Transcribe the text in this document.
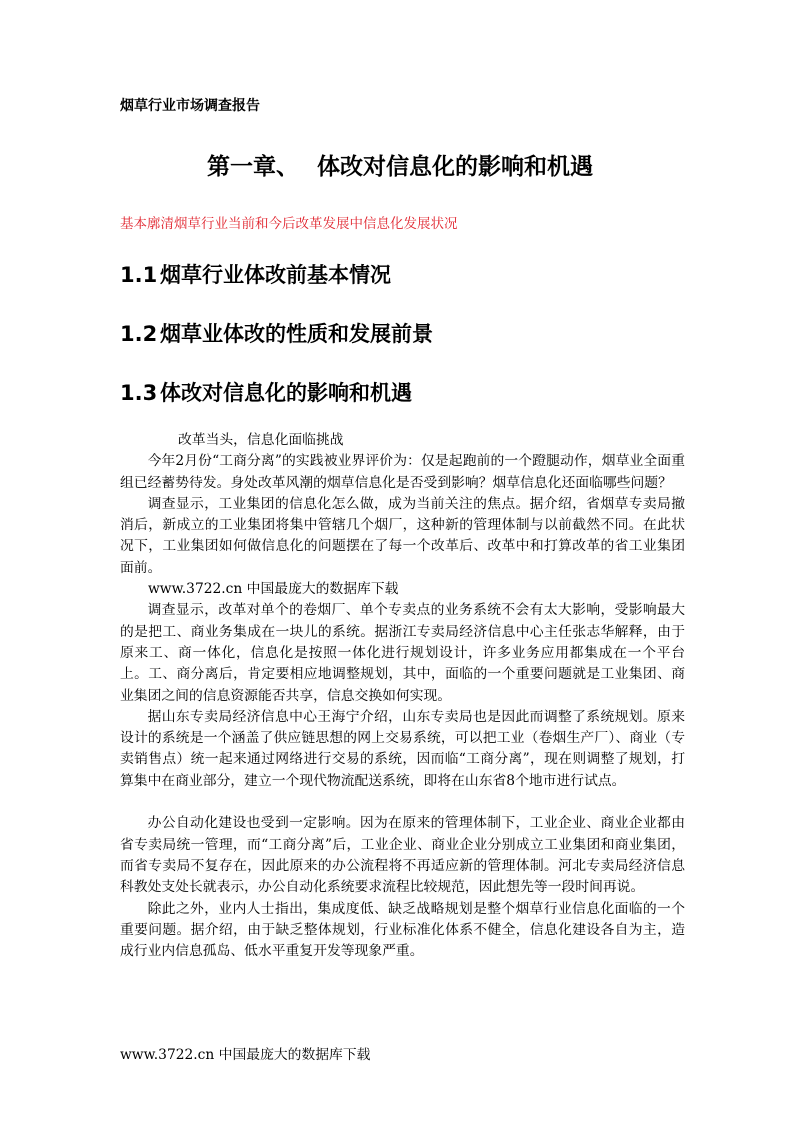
烟草行业市场调查报告
第一章、 体改对信息化的影响和机遇
基本廓清烟草行业当前和今后改革发展中信息化发展状况
1.1 烟草行业体改前基本情况
1.2 烟草业体改的性质和发展前景
1.3 体改对信息化的影响和机遇

改革当头，信息化面临挑战

今年2月份“工商分离”的实践被业界评价为：仅是起跑前的一个蹬腿动作，烟草业全面重组已经蓄势待发。身处改革风潮的烟草信息化是否受到影响？烟草信息化还面临哪些问题？

调查显示，工业集团的信息化怎么做，成为当前关注的焦点。据介绍，省烟草专卖局撤消后，新成立的工业集团将集中管辖几个烟厂，这种新的管理体制与以前截然不同。在此状况下，工业集团如何做信息化的问题摆在了每一个改革后、改革中和打算改革的省工业集团面前。

www.3722.cn 中国最庞大的数据库下载

调查显示，改革对单个的卷烟厂、单个专卖点的业务系统不会有太大影响，受影响最大的是把工、商业务集成在一块儿的系统。据浙江专卖局经济信息中心主任张志华解释，由于原来工、商一体化，信息化是按照一体化进行规划设计，许多业务应用都集成在一个平台上。工、商分离后，肯定要相应地调整规划，其中，面临的一个重要问题就是工业集团、商业集团之间的信息资源能否共享，信息交换如何实现。

据山东专卖局经济信息中心王海宁介绍，山东专卖局也是因此而调整了系统规划。原来设计的系统是一个涵盖了供应链思想的网上交易系统，可以把工业（卷烟生产厂）、商业（专卖销售点）统一起来通过网络进行交易的系统，因而临“工商分离”，现在则调整了规划，打算集中在商业部分，建立一个现代物流配送系统，即将在山东省8个地市进行试点。

办公自动化建设也受到一定影响。因为在原来的管理体制下，工业企业、商业企业都由省专卖局统一管理，而“工商分离”后，工业企业、商业企业分别成立工业集团和商业集团，而省专卖局不复存在，因此原来的办公流程将不再适应新的管理体制。河北专卖局经济信息科教处支处长就表示，办公自动化系统要求流程比较规范，因此想先等一段时间再说。

除此之外，业内人士指出，集成度低、缺乏战略规划是整个烟草行业信息化面临的一个重要问题。据介绍，由于缺乏整体规划，行业标准化体系不健全，信息化建设各自为主，造成行业内信息孤岛、低水平重复开发等现象严重。

www.3722.cn 中国最庞大的数据库下载
